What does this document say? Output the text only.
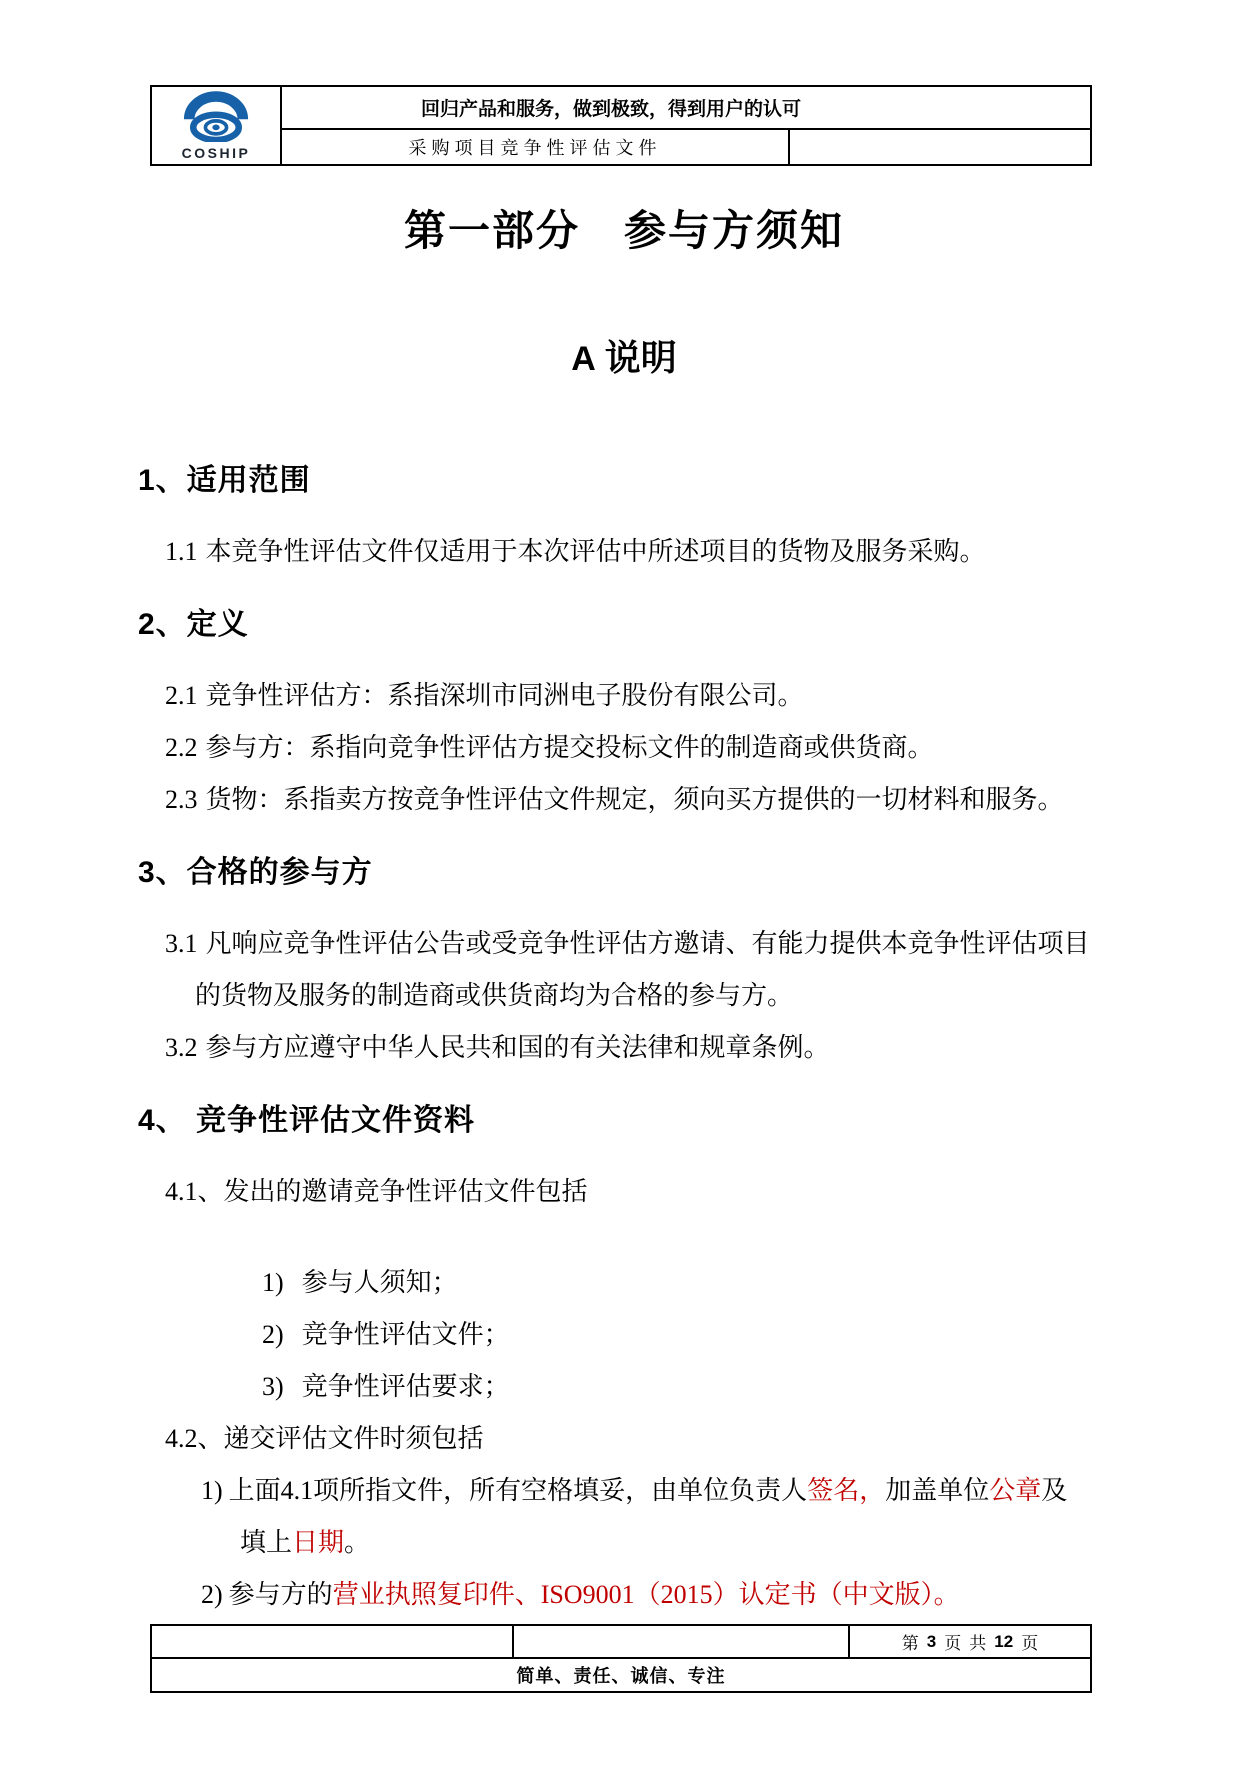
COSHIP
回归产品和服务，做到极致，得到用户的认可
采购项目竞争性评估文件
第一部分　参与方须知
A 说明
1、适用范围
1.1 本竞争性评估文件仅适用于本次评估中所述项目的货物及服务采购。
2、定义
2.1 竞争性评估方：系指深圳市同洲电子股份有限公司。
2.2 参与方：系指向竞争性评估方提交投标文件的制造商或供货商。
2.3 货物：系指卖方按竞争性评估文件规定，须向买方提供的一切材料和服务。
3、合格的参与方
3.1 凡响应竞争性评估公告或受竞争性评估方邀请、有能力提供本竞争性评估项目
的货物及服务的制造商或供货商均为合格的参与方。
3.2 参与方应遵守中华人民共和国的有关法律和规章条例。
4、 竞争性评估文件资料
4.1、发出的邀请竞争性评估文件包括
1) 参与人须知；
2) 竞争性评估文件；
3) 竞争性评估要求；
4.2、递交评估文件时须包括
1) 上面4.1项所指文件，所有空格填妥，由单位负责人签名，加盖单位公章及
填上日期。
2) 参与方的营业执照复印件、ISO9001（2015）认定书（中文版）。
第 3 页 共 12 页
简单、责任、诚信、专注
